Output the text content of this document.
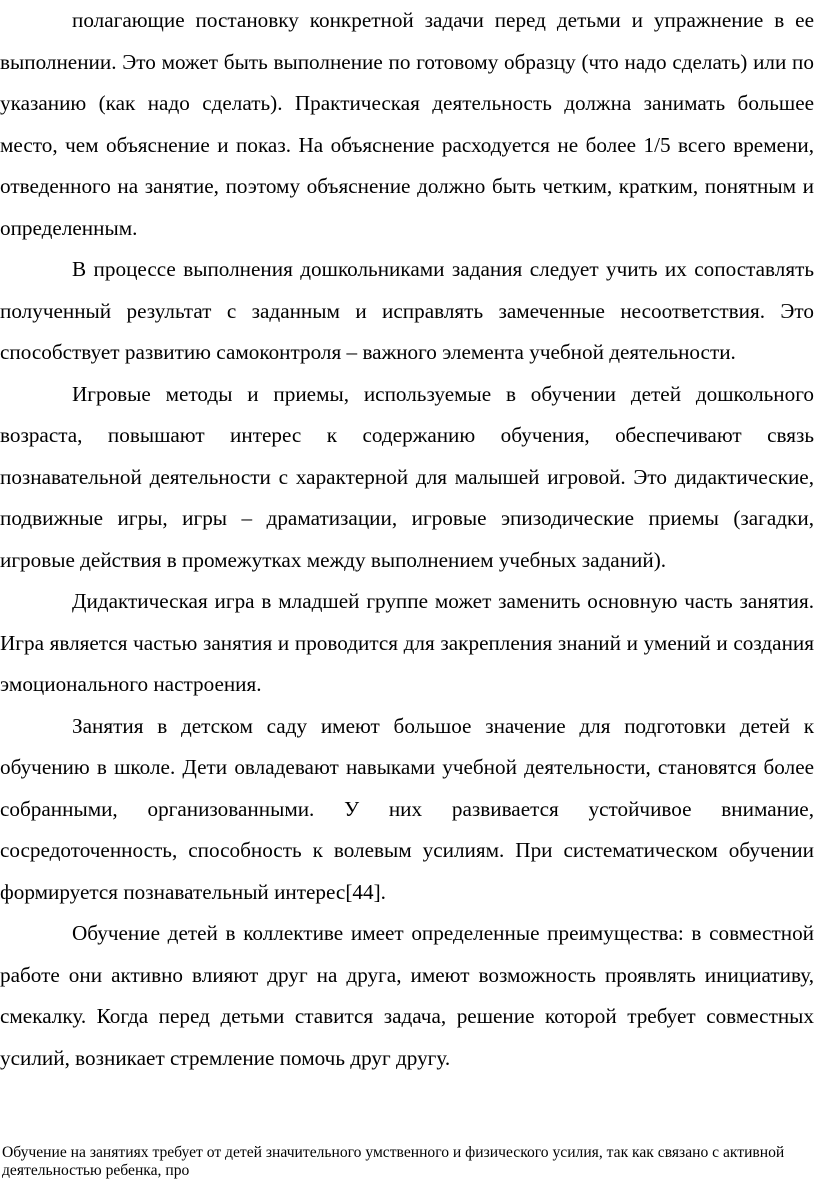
полагающие постановку конкретной задачи перед детьми и упражнение в ее выполнении. Это может быть выполнение по готовому образцу (что надо сделать) или по указанию (как надо сделать). Практическая деятельность должна занимать большее место, чем объяснение и показ. На объяснение расходуется не более 1/5 всего времени, отведенного на занятие, поэтому объяснение должно быть четким, кратким, понятным и определенным.

В процессе выполнения дошкольниками задания следует учить их сопоставлять полученный результат с заданным и исправлять замеченные несоответствия. Это способствует развитию самоконтроля – важного элемента учебной деятельности.

Игровые методы и приемы, используемые в обучении детей дошкольного возраста, повышают интерес к содержанию обучения, обеспечивают связь познавательной деятельности с характерной для малышей игровой. Это дидактические, подвижные игры, игры – драматизации, игровые эпизодические приемы (загадки, игровые действия в промежутках между выполнением учебных заданий).

Дидактическая игра в младшей группе может заменить основную часть занятия. Игра является частью занятия и проводится для закрепления знаний и умений и создания эмоционального настроения.

Занятия в детском саду имеют большое значение для подготовки детей к обучению в школе. Дети овладевают навыками учебной деятельности, становятся более собранными, организованными. У них развивается устойчивое внимание, сосредоточенность, способность к волевым усилиям. При систематическом обучении формируется познавательный интерес[44].

Обучение детей в коллективе имеет определенные преимущества: в совместной работе они активно влияют друг на друга, имеют возможность проявлять инициативу, смекалку. Когда перед детьми ставится задача, решение которой требует совместных усилий, возникает стремление помочь друг другу.

Обучение на занятиях требует от детей значительного умственного и физического усилия, так как связано с активной деятельностью ребенка, про
